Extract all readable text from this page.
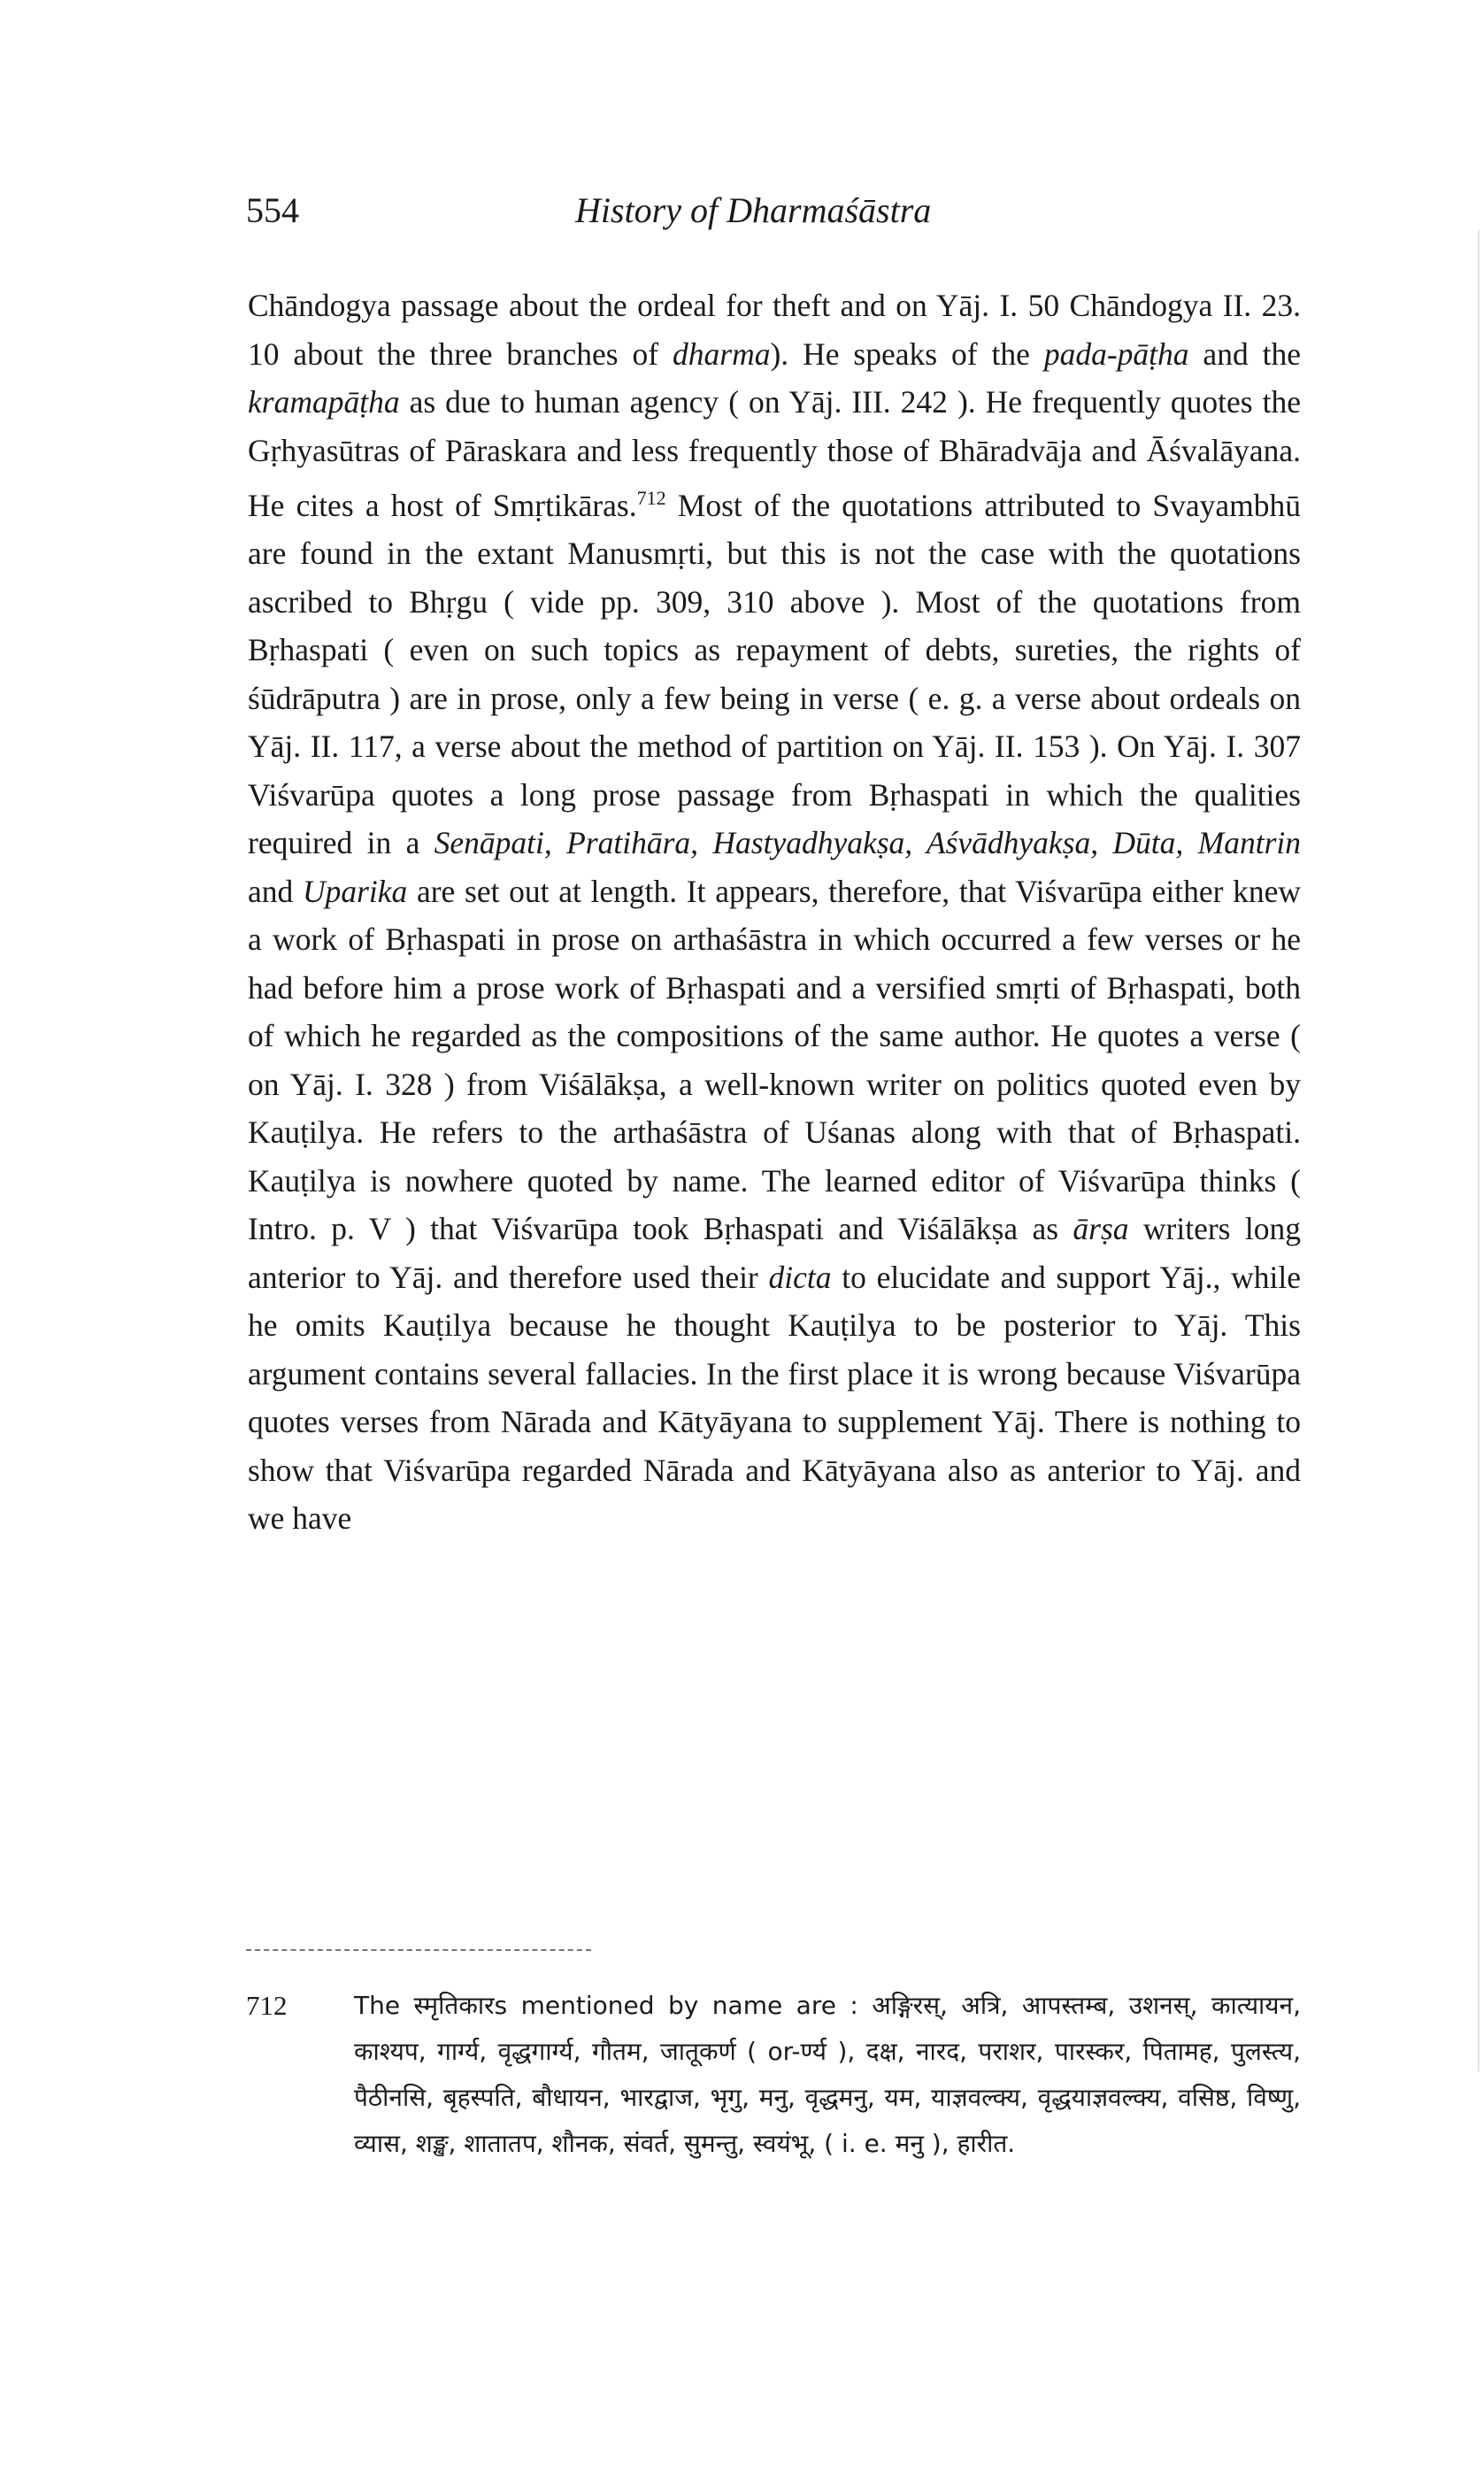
554	History of Dharmaśāstra

Chāndogya passage about the ordeal for theft and on Yāj. I. 50 Chāndogya II. 23. 10 about the three branches of dharma). He speaks of the pada-pāṭha and the kramapāṭha as due to human agency ( on Yāj. III. 242 ). He frequently quotes the Gṛhyasūtras of Pāraskara and less frequently those of Bhāradvāja and Āśvalāyana. He cites a host of Smṛtikāras.$^{712}$ Most of the quotations attributed to Svayambhū are found in the extant Manusmṛti, but this is not the case with the quotations ascribed to Bhṛgu ( vide pp. 309, 310 above ). Most of the quotations from Bṛhaspati ( even on such topics as repayment of debts, sureties, the rights of śūdrāputra ) are in prose, only a few being in verse ( e. g. a verse about ordeals on Yāj. II. 117, a verse about the method of partition on Yāj. II. 153 ). On Yāj. I. 307 Viśvarūpa quotes a long prose passage from Bṛhaspati in which the qualities required in a Senāpati, Pratihāra, Hastyadhyakṣa, Aśvādhyakṣa, Dūta, Mantrin and Uparika are set out at length. It appears, therefore, that Viśvarūpa either knew a work of Bṛhaspati in prose on arthaśāstra in which occurred a few verses or he had before him a prose work of Bṛhaspati and a versified smṛti of Bṛhaspati, both of which he regarded as the compositions of the same author. He quotes a verse ( on Yāj. I. 328 ) from Viśālākṣa, a well-known writer on politics quoted even by Kauṭilya. He refers to the arthaśāstra of Uśanas along with that of Bṛhaspati. Kauṭilya is nowhere quoted by name. The learned editor of Viśvarūpa thinks ( Intro. p. V ) that Viśvarūpa took Bṛhaspati and Viśālākṣa as ārṣa writers long anterior to Yāj. and therefore used their dicta to elucidate and support Yāj., while he omits Kauṭilya because he thought Kauṭilya to be posterior to Yāj. This argument contains several fallacies. In the first place it is wrong because Viśvarūpa quotes verses from Nārada and Kātyāyana to supplement Yāj. There is nothing to show that Viśvarūpa regarded Nārada and Kātyāyana also as anterior to Yāj. and we have

712	The स्मृतिकारs mentioned by name are : अङ्गिरस्, अत्रि, आपस्तम्ब, उशनस्, कात्यायन, काश्यप, गार्ग्य, वृद्धगार्ग्य, गौतम, जातूकर्ण ( or-र्ण्य ), दक्ष, नारद, पराशर, पारस्कर, पितामह, पुलस्त्य, पैठीनसि, बृहस्पति, बौधायन, भारद्वाज, भृगु, मनु, वृद्धमनु, यम, याज्ञवल्क्य, वृद्धयाज्ञवल्क्य, वसिष्ठ, विष्णु, व्यास, शङ्ख, शातातप, शौनक, संवर्त, सुमन्तु, स्वयंभू, ( i. e. मनु ), हारीत.
